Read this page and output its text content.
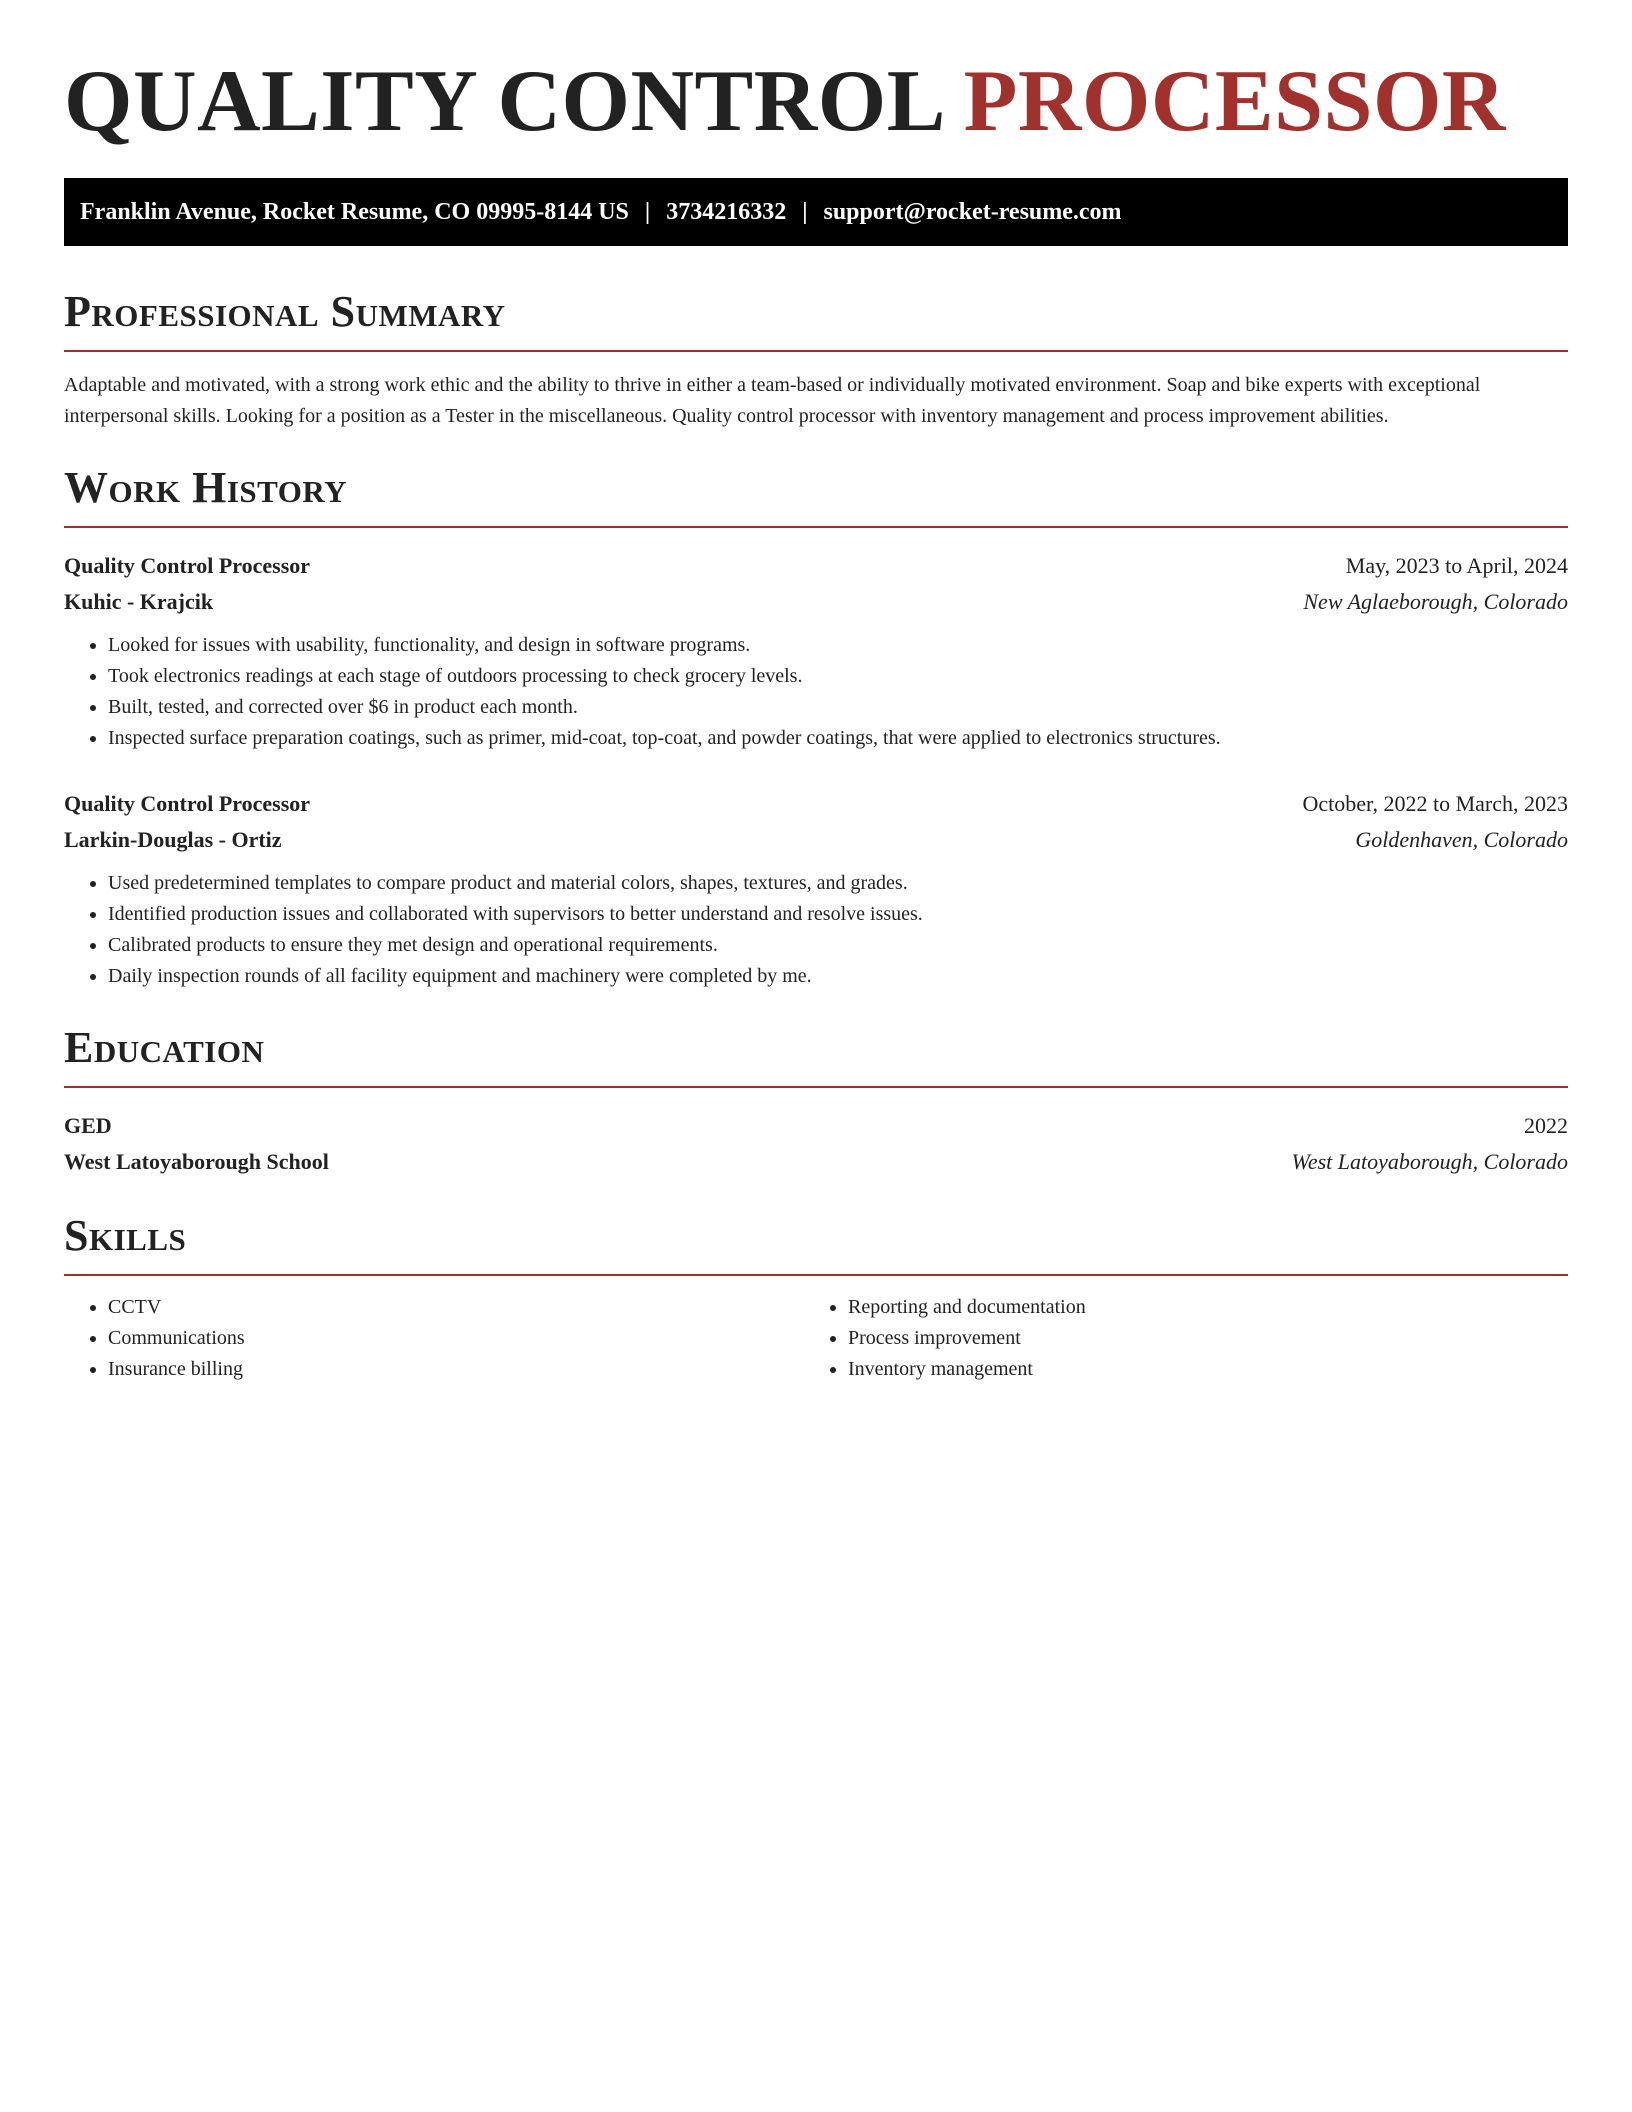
QUALITY CONTROL PROCESSOR
Franklin Avenue, Rocket Resume, CO 09995-8144 US | 3734216332 | support@rocket-resume.com
Professional Summary

Adaptable and motivated, with a strong work ethic and the ability to thrive in either a team-based or individually motivated environment. Soap and bike experts with exceptional interpersonal skills. Looking for a position as a Tester in the miscellaneous. Quality control processor with inventory management and process improvement abilities.

Work History
Quality Control Processor	May, 2023 to April, 2024
Kuhic - Krajcik	New Aglaeborough, Colorado
• Looked for issues with usability, functionality, and design in software programs.
• Took electronics readings at each stage of outdoors processing to check grocery levels.
• Built, tested, and corrected over $6 in product each month.
• Inspected surface preparation coatings, such as primer, mid-coat, top-coat, and powder coatings, that were applied to electronics structures.
Quality Control Processor	October, 2022 to March, 2023
Larkin-Douglas - Ortiz	Goldenhaven, Colorado
• Used predetermined templates to compare product and material colors, shapes, textures, and grades.
• Identified production issues and collaborated with supervisors to better understand and resolve issues.
• Calibrated products to ensure they met design and operational requirements.
• Daily inspection rounds of all facility equipment and machinery were completed by me.
Education
GED	2022
West Latoyaborough School	West Latoyaborough, Colorado
Skills
• CCTV
• Communications
• Insurance billing
• Reporting and documentation
• Process improvement
• Inventory management
